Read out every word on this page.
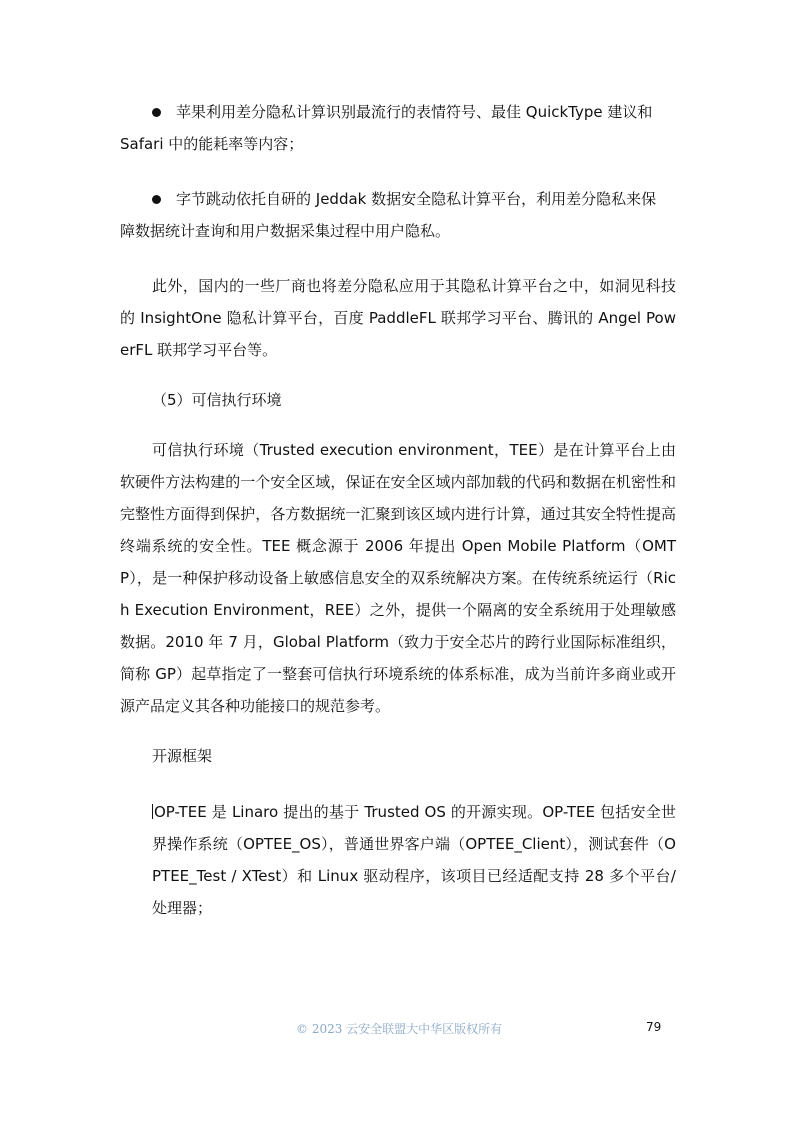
苹果利用差分隐私计算识别最流行的表情符号、最佳 QuickType 建议和
Safari 中的能耗率等内容；

字节跳动依托自研的 Jeddak 数据安全隐私计算平台，利用差分隐私来保
障数据统计查询和用户数据采集过程中用户隐私。

此外，国内的一些厂商也将差分隐私应用于其隐私计算平台之中，如洞见科技的 InsightOne 隐私计算平台，百度 PaddleFL 联邦学习平台、腾讯的 Angel PowerFL 联邦学习平台等。

（5）可信执行环境

可信执行环境（Trusted execution environment，TEE）是在计算平台上由软硬件方法构建的一个安全区域，保证在安全区域内部加载的代码和数据在机密性和完整性方面得到保护，各方数据统一汇聚到该区域内进行计算，通过其安全特性提高终端系统的安全性。TEE 概念源于 2006 年提出 Open Mobile Platform（OMTP），是一种保护移动设备上敏感信息安全的双系统解决方案。在传统系统运行（Rich Execution Environment，REE）之外，提供一个隔离的安全系统用于处理敏感数据。2010 年 7 月，Global Platform（致力于安全芯片的跨行业国际标准组织，简称 GP）起草指定了一整套可信执行环境系统的体系标准，成为当前许多商业或开源产品定义其各种功能接口的规范参考。

开源框架

OP-TEE 是 Linaro 提出的基于 Trusted OS 的开源实现。OP-TEE 包括安全世界操作系统（OPTEE_OS），普通世界客户端（OPTEE_Client），测试套件（OPTEE_Test / XTest）和 Linux 驱动程序，该项目已经适配支持 28 多个平台/处理器；

© 2023 云安全联盟大中华区版权所有	79
